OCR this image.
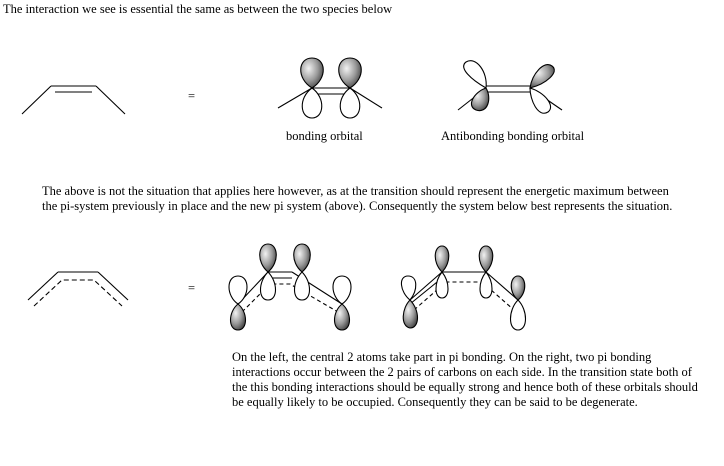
The interaction we see is essential the same as between the two species below
=
=
bonding orbital	Antibonding bonding orbital
The above is not the situation that applies here however, as at the transition should represent the energetic maximum between the pi-system previously in place and the new pi system (above). Consequently the system below best represents the situation.
On the left, the central 2 atoms take part in pi bonding. On the right, two pi bonding interactions occur between the 2 pairs of carbons on each side. In the transition state both of the this bonding interactions should be equally strong and hence both of these orbitals should be equally likely to be occupied. Consequently they can be said to be degenerate.
